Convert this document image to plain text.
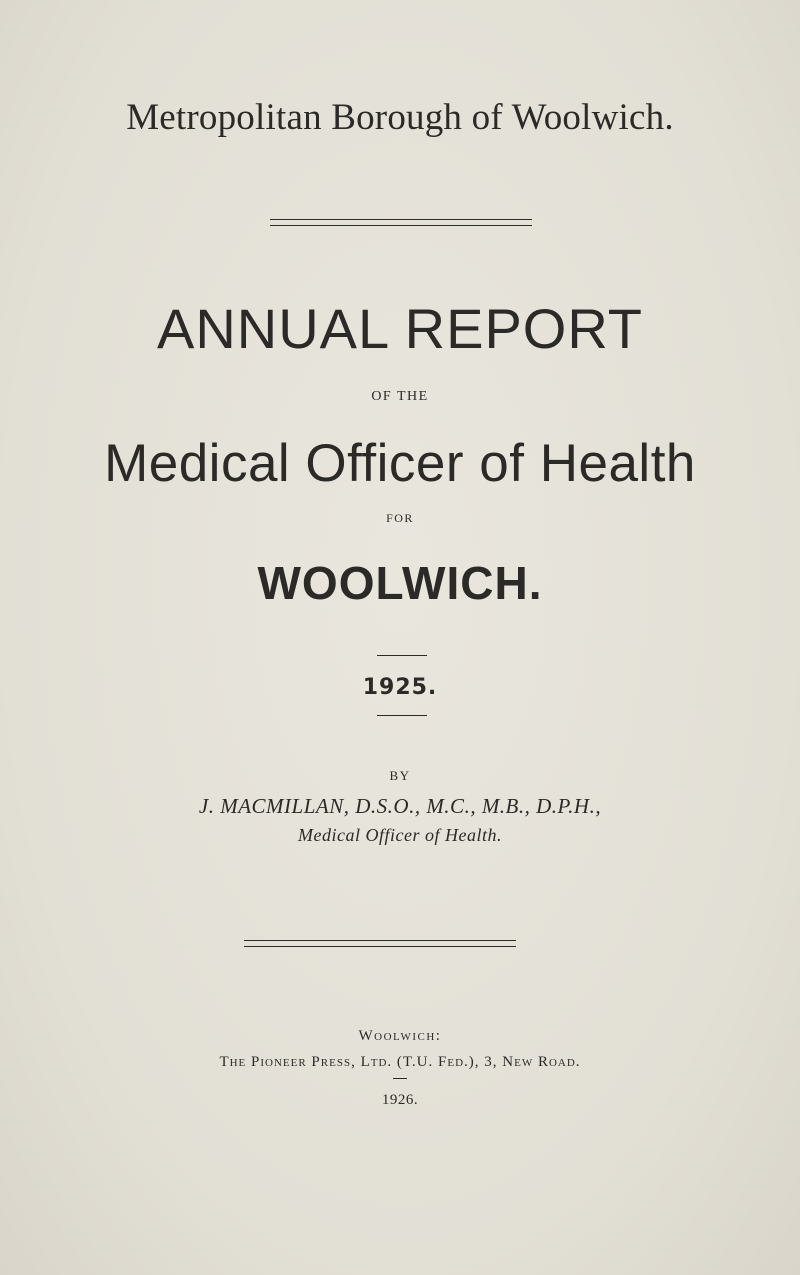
Metropolitan Borough of Woolwich.
ANNUAL REPORT
OF THE
Medical Officer of Health
FOR
WOOLWICH.
1925.
BY
J. MACMILLAN, D.S.O., M.C., M.B., D.P.H.,
Medical Officer of Health.
Woolwich:
The Pioneer Press, Ltd. (T.U. Fed.), 3, New Road.
1926.
